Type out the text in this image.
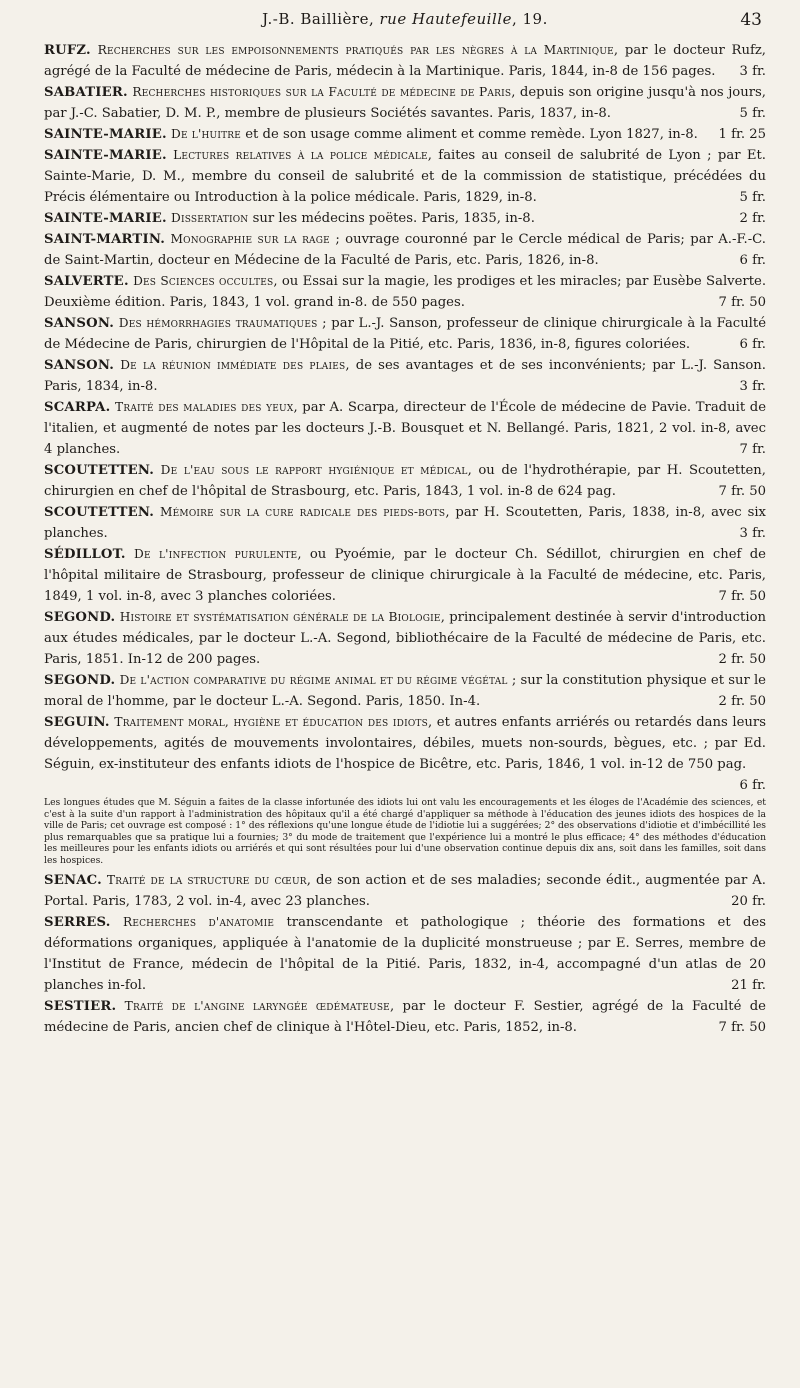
J.-B. Baillière, rue Hautefeuille, 19.	43

RUFZ. Recherches sur les empoisonnements pratiqués par les nègres à la Martinique, par le docteur Rufz, agrégé de la Faculté de médecine de Paris, médecin à la Martinique. Paris, 1844, in-8 de 156 pages.	3 fr.

SABATIER. Recherches historiques sur la Faculté de médecine de Paris, depuis son origine jusqu'à nos jours, par J.-C. Sabatier, D. M. P., membre de plusieurs Sociétés savantes. Paris, 1837, in-8.	5 fr.

SAINTE-MARIE. De l'huitre et de son usage comme aliment et comme remède. Lyon 1827, in-8.	1 fr. 25

SAINTE-MARIE. Lectures relatives à la police médicale, faites au conseil de salubrité de Lyon ; par Et. Sainte-Marie, D. M., membre du conseil de salubrité et de la commission de statistique, précédées du Précis élémentaire ou Introduction à la police médicale. Paris, 1829, in-8.	5 fr.

SAINTE-MARIE. Dissertation sur les médecins poëtes. Paris, 1835, in-8.	2 fr.

SAINT-MARTIN. Monographie sur la rage ; ouvrage couronné par le Cercle médical de Paris; par A.-F.-C. de Saint-Martin, docteur en Médecine de la Faculté de Paris, etc. Paris, 1826, in-8.	6 fr.

SALVERTE. Des Sciences occultes, ou Essai sur la magie, les prodiges et les miracles; par Eusèbe Salverte. Deuxième édition. Paris, 1843, 1 vol. grand in-8. de 550 pages.	7 fr. 50

SANSON. Des hémorrhagies traumatiques ; par L.-J. Sanson, professeur de clinique chirurgicale à la Faculté de Médecine de Paris, chirurgien de l'Hôpital de la Pitié, etc. Paris, 1836, in-8, figures coloriées.	6 fr.

SANSON. De la réunion immédiate des plaies, de ses avantages et de ses inconvénients; par L.-J. Sanson. Paris, 1834, in-8.	3 fr.

SCARPA. Traité des maladies des yeux, par A. Scarpa, directeur de l'École de médecine de Pavie. Traduit de l'italien, et augmenté de notes par les docteurs J.-B. Bousquet et N. Bellangé. Paris, 1821, 2 vol. in-8, avec 4 planches.	7 fr.

SCOUTETTEN. De l'eau sous le rapport hygiénique et médical, ou de l'hydrothérapie, par H. Scoutetten, chirurgien en chef de l'hôpital de Strasbourg, etc. Paris, 1843, 1 vol. in-8 de 624 pag.	7 fr. 50

SCOUTETTEN. Mémoire sur la cure radicale des pieds-bots, par H. Scoutetten, Paris, 1838, in-8, avec six planches.	3 fr.

SÉDILLOT. De l'infection purulente, ou Pyoémie, par le docteur Ch. Sédillot, chirurgien en chef de l'hôpital militaire de Strasbourg, professeur de clinique chirurgicale à la Faculté de médecine, etc. Paris, 1849, 1 vol. in-8, avec 3 planches coloriées.	7 fr. 50

SEGOND. Histoire et systématisation générale de la Biologie, principalement destinée à servir d'introduction aux études médicales, par le docteur L.-A. Segond, bibliothécaire de la Faculté de médecine de Paris, etc. Paris, 1851. In-12 de 200 pages.	2 fr. 50

SEGOND. De l'action comparative du régime animal et du régime végétal ; sur la constitution physique et sur le moral de l'homme, par le docteur L.-A. Segond. Paris, 1850. In-4.	2 fr. 50

SEGUIN. Traitement moral, hygiène et éducation des idiots, et autres enfants arriérés ou retardés dans leurs développements, agités de mouvements involontaires, débiles, muets non-sourds, bègues, etc. ; par Ed. Séguin, ex-instituteur des enfants idiots de l'hospice de Bicêtre, etc. Paris, 1846, 1 vol. in-12 de 750 pag.
6 fr.

Les longues études que M. Séguin a faites de la classe infortunée des idiots lui ont valu les encouragements et les éloges de l'Académie des sciences, et c'est à la suite d'un rapport à l'administration des hôpitaux qu'il a été chargé d'appliquer sa méthode à l'éducation des jeunes idiots des hospices de la ville de Paris; cet ouvrage est composé : 1° des réflexions qu'une longue étude de l'idiotie lui a suggérées; 2° des observations d'idiotie et d'imbécillité les plus remarquables que sa pratique lui a fournies; 3° du mode de traitement que l'expérience lui a montré le plus efficace; 4° des méthodes d'éducation les meilleures pour les enfants idiots ou arriérés et qui sont résultées pour lui d'une observation continue depuis dix ans, soit dans les familles, soit dans les hospices.

SENAC. Traité de la structure du cœur, de son action et de ses maladies; seconde édit., augmentée par A. Portal. Paris, 1783, 2 vol. in-4, avec 23 planches.	20 fr.

SERRES. Recherches d'anatomie transcendante et pathologique ; théorie des formations et des déformations organiques, appliquée à l'anatomie de la duplicité monstrueuse ; par E. Serres, membre de l'Institut de France, médecin de l'hôpital de la Pitié. Paris, 1832, in-4, accompagné d'un atlas de 20 planches in-fol.	21 fr.

SESTIER. Traité de l'angine laryngée œdémateuse, par le docteur F. Sestier, agrégé de la Faculté de médecine de Paris, ancien chef de clinique à l'Hôtel-Dieu, etc. Paris, 1852, in-8.	7 fr. 50
